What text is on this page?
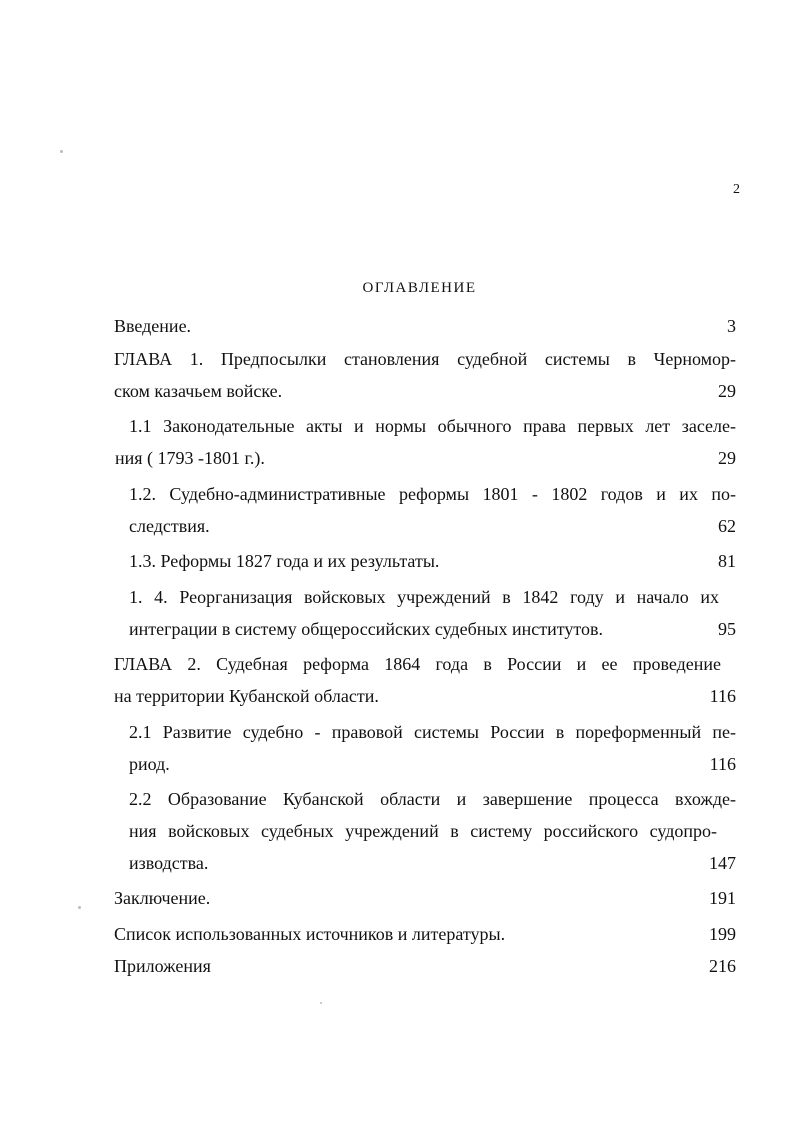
2
ОГЛАВЛЕНИЕ
Введение.	3
ГЛАВА 1. Предпосылки становления судебной системы в Черномор-
ском казачьем войске.	29
1.1 Законодательные акты и нормы обычного права первых лет заселе-
ния ( 1793 -1801 г.).	29
1.2. Судебно-административные реформы 1801 - 1802 годов и их по-
следствия.	62
1.3. Реформы 1827 года и их результаты.	81
1. 4. Реорганизация войсковых учреждений в 1842 году и начало их
интеграции в систему общероссийских судебных институтов.	95
ГЛАВА 2. Судебная реформа 1864 года в России и ее проведение
на территории Кубанской области.	116
2.1 Развитие судебно - правовой системы России в пореформенный пе-
риод.	116
2.2 Образование Кубанской области и завершение процесса вхожде-
ния войсковых судебных учреждений в систему российского судопро-
изводства.	147
Заключение.	191
Список использованных источников и литературы.	199
Приложения	216
